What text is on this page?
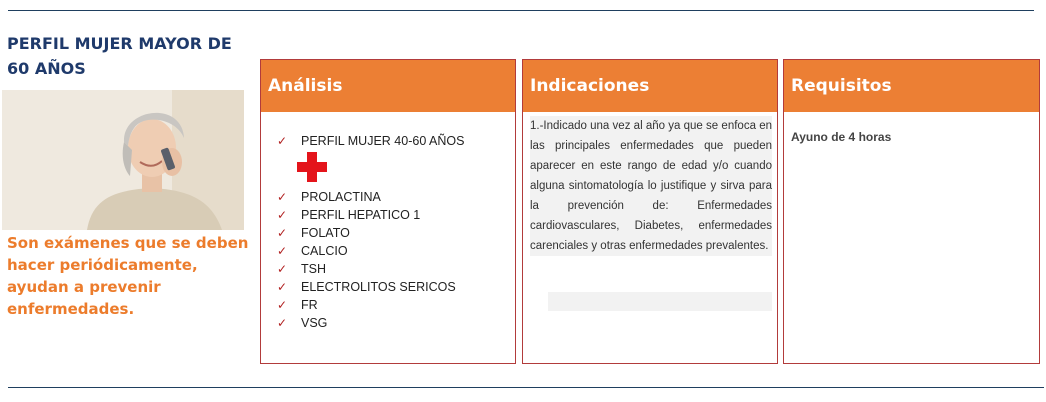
PERFIL MUJER MAYOR DE 60 AÑOS
Son exámenes que se deben hacer periódicamente, ayudan a prevenir enfermedades.
Análisis
✓ PERFIL MUJER 40-60 AÑOS
✓ PROLACTINA
✓ PERFIL HEPATICO 1
✓ FOLATO
✓ CALCIO
✓ TSH
✓ ELECTROLITOS SERICOS
✓ FR
✓ VSG
Indicaciones
1.-Indicado una vez al año ya que se enfoca en las principales enfermedades que pueden aparecer en este rango de edad y/o cuando alguna sintomatología lo justifique y sirva para la prevención de: Enfermedades cardiovasculares, Diabetes, enfermedades carenciales y otras enfermedades prevalentes.
Requisitos
Ayuno de 4 horas
